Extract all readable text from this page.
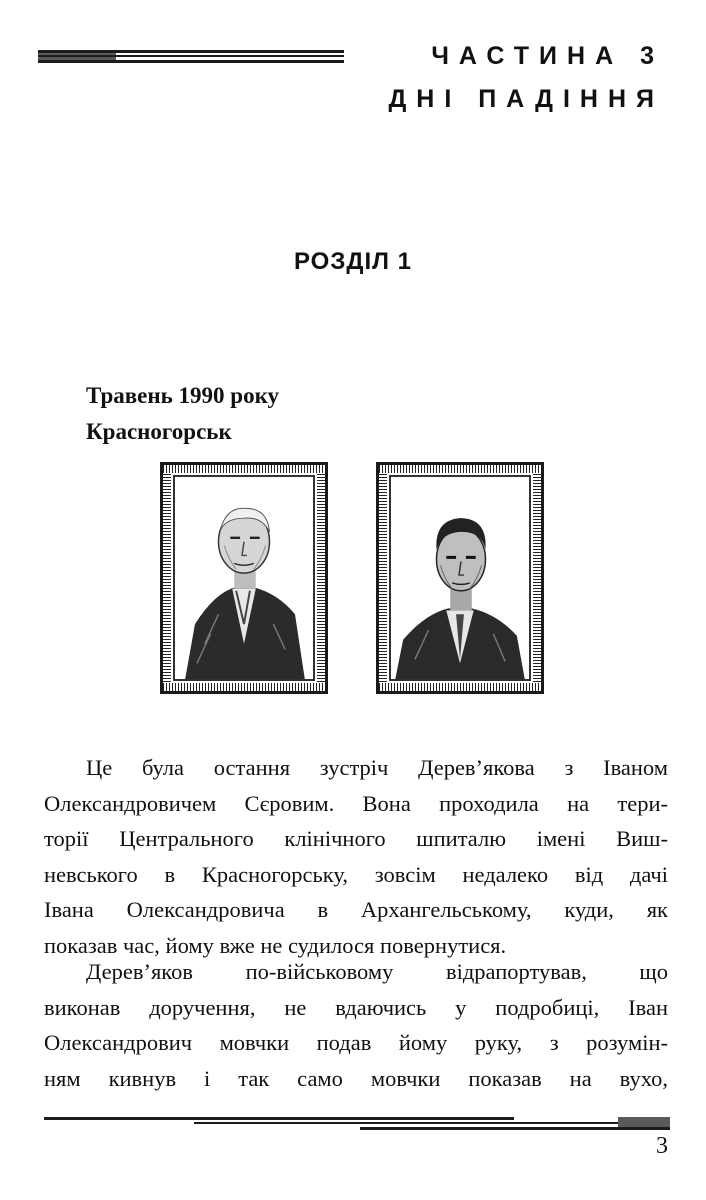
ЧАСТИНА 3
ДНІ ПАДІННЯ
РОЗДІЛ 1
Травень 1990 року
Красногорськ
Це була остання зустріч Дерев’якова з Іваном
Олександровичем Сєровим. Вона проходила на тери-
торії Центрального клінічного шпиталю імені Виш-
невського в Красногорську, зовсім недалеко від дачі
Івана Олександровича в Архангельському, куди, як
показав час, йому вже не судилося повернутися.
Дерев’яков по-військовому відрапортував, що
виконав доручення, не вдаючись у подробиці, Іван
Олександрович мовчки подав йому руку, з розумін-
ням кивнув і так само мовчки показав на вухо,
3
